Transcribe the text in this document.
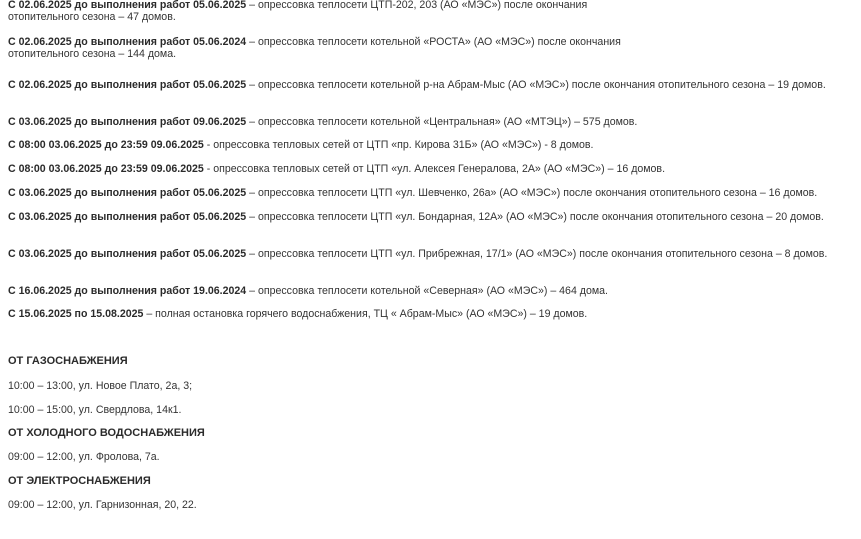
С 02.06.2025 до выполнения работ 05.06.2025 – опрессовка теплосети ЦТП-202, 203 (АО «МЭС») после окончания
отопительного сезона – 47 домов.
С 02.06.2025 до выполнения работ 05.06.2024 – опрессовка теплосети котельной «РОСТА» (АО «МЭС») после окончания
отопительного сезона – 144 дома.
С 02.06.2025 до выполнения работ 05.06.2025 – опрессовка теплосети котельной р-на Абрам-Мыс (АО «МЭС») после окончания отопительного сезона – 19 домов.
С 03.06.2025 до выполнения работ 09.06.2025 – опрессовка теплосети котельной «Центральная» (АО «МТЭЦ») – 575 домов.
С 08:00 03.06.2025 до 23:59 09.06.2025 - опрессовка тепловых сетей от ЦТП «пр. Кирова 31Б» (АО «МЭС») - 8 домов.
С 08:00 03.06.2025 до 23:59 09.06.2025 - опрессовка тепловых сетей от ЦТП «ул. Алексея Генералова, 2А» (АО «МЭС») – 16 домов.
С 03.06.2025 до выполнения работ 05.06.2025 – опрессовка теплосети ЦТП «ул. Шевченко, 26а» (АО «МЭС») после окончания отопительного сезона – 16 домов.
С 03.06.2025 до выполнения работ 05.06.2025 – опрессовка теплосети ЦТП «ул. Бондарная, 12А» (АО «МЭС») после окончания отопительного сезона – 20 домов.
С 03.06.2025 до выполнения работ 05.06.2025 – опрессовка теплосети ЦТП «ул. Прибрежная, 17/1» (АО «МЭС») после окончания отопительного сезона – 8 домов.
С 16.06.2025 до выполнения работ 19.06.2024 – опрессовка теплосети котельной «Северная» (АО «МЭС») – 464 дома.
С 15.06.2025 по 15.08.2025 – полная остановка горячего водоснабжения, ТЦ « Абрам-Мыс» (АО «МЭС») – 19 домов.
ОТ ГАЗОСНАБЖЕНИЯ
10:00 – 13:00, ул. Новое Плато, 2а, 3;
10:00 – 15:00, ул. Свердлова, 14к1.
ОТ ХОЛОДНОГО ВОДОСНАБЖЕНИЯ
09:00 – 12:00, ул. Фролова, 7а.
ОТ ЭЛЕКТРОСНАБЖЕНИЯ
09:00 – 12:00, ул. Гарнизонная, 20, 22.
